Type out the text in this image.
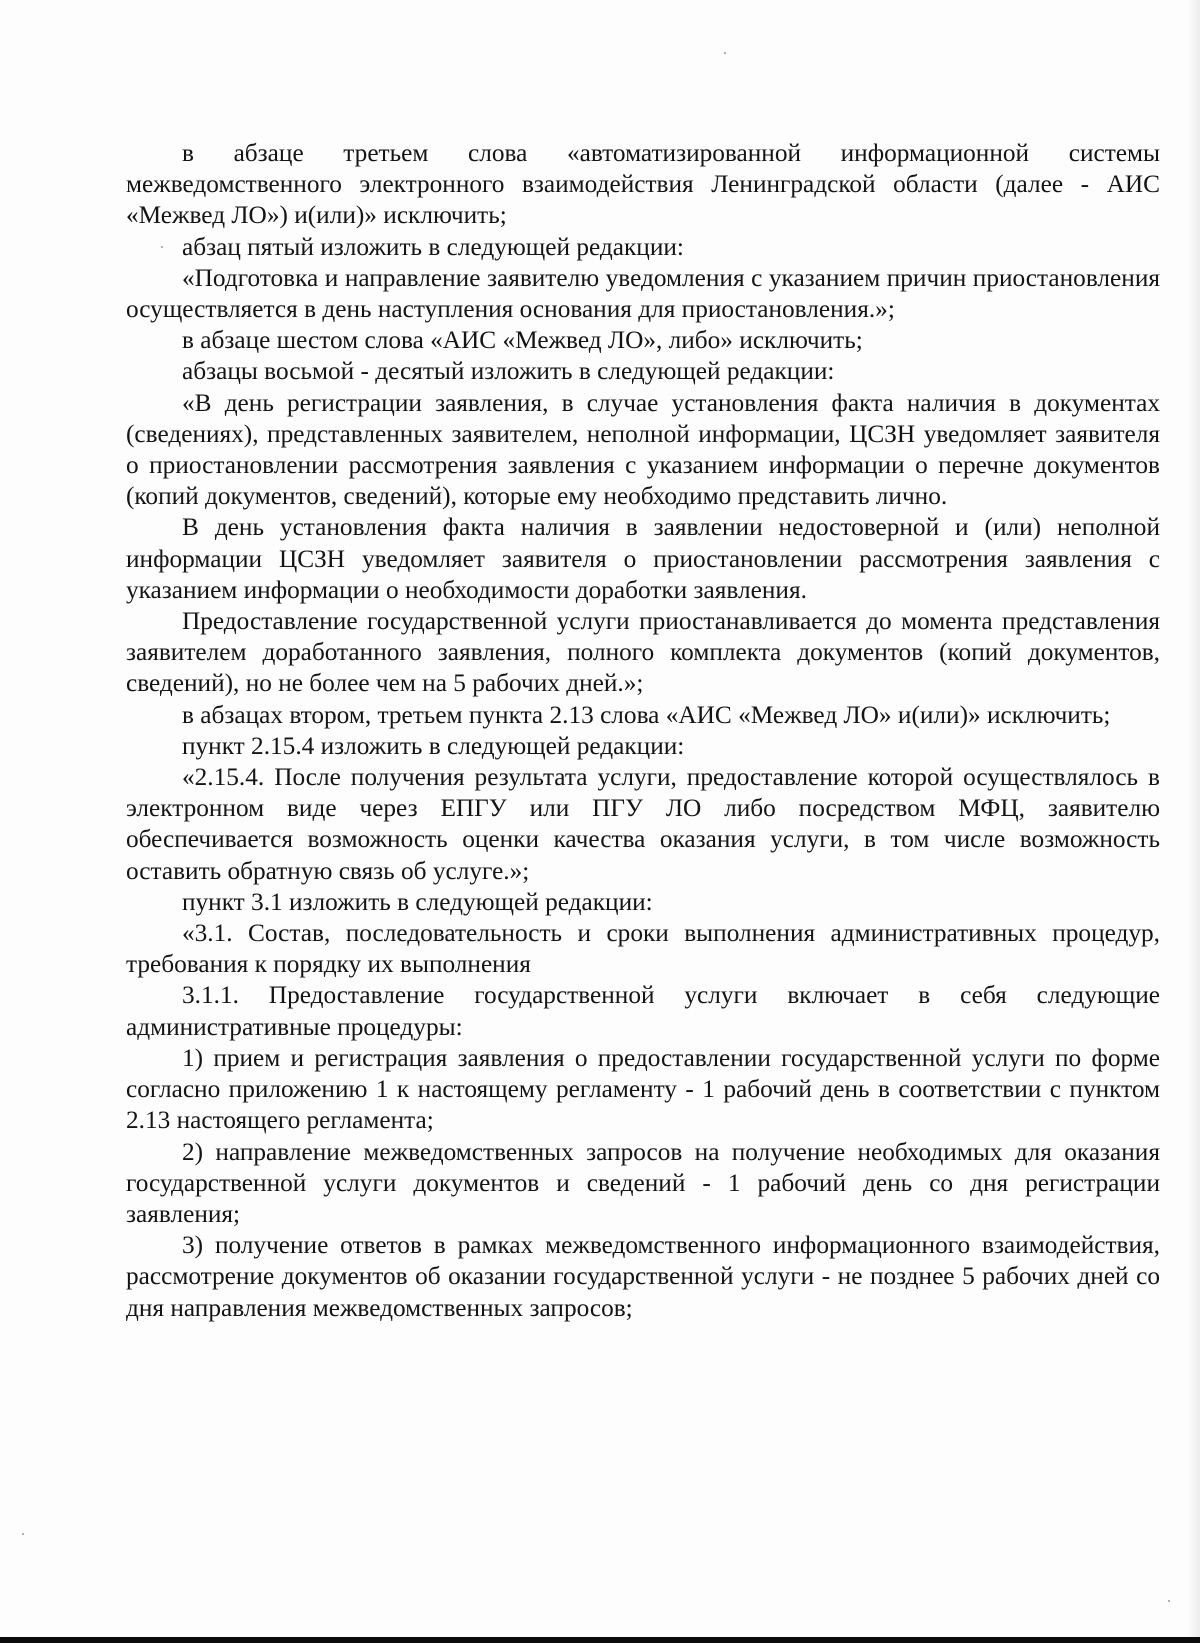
в абзаце третьем слова «автоматизированной информационной системы межведомственного электронного взаимодействия Ленинградской области (далее - АИС «Межвед ЛО») и(или)» исключить;

абзац пятый изложить в следующей редакции:

«Подготовка и направление заявителю уведомления с указанием причин приостановления осуществляется в день наступления основания для приостановления.»;

в абзаце шестом слова «АИС «Межвед ЛО», либо» исключить;

абзацы восьмой - десятый изложить в следующей редакции:

«В день регистрации заявления, в случае установления факта наличия в документах (сведениях), представленных заявителем, неполной информации, ЦСЗН уведомляет заявителя о приостановлении рассмотрения заявления с указанием информации о перечне документов (копий документов, сведений), которые ему необходимо представить лично.

В день установления факта наличия в заявлении недостоверной и (или) неполной информации ЦСЗН уведомляет заявителя о приостановлении рассмотрения заявления с указанием информации о необходимости доработки заявления.

Предоставление государственной услуги приостанавливается до момента представления заявителем доработанного заявления, полного комплекта документов (копий документов, сведений), но не более чем на 5 рабочих дней.»;

в абзацах втором, третьем пункта 2.13 слова «АИС «Межвед ЛО» и(или)» исключить;

пункт 2.15.4 изложить в следующей редакции:

«2.15.4. После получения результата услуги, предоставление которой осуществлялось в электронном виде через ЕПГУ или ПГУ ЛО либо посредством МФЦ, заявителю обеспечивается возможность оценки качества оказания услуги, в том числе возможность оставить обратную связь об услуге.»;

пункт 3.1 изложить в следующей редакции:

«3.1. Состав, последовательность и сроки выполнения административных процедур, требования к порядку их выполнения

3.1.1. Предоставление государственной услуги включает в себя следующие административные процедуры:

1) прием и регистрация заявления о предоставлении государственной услуги по форме согласно приложению 1 к настоящему регламенту - 1 рабочий день в соответствии с пунктом 2.13 настоящего регламента;

2) направление межведомственных запросов на получение необходимых для оказания государственной услуги документов и сведений - 1 рабочий день со дня регистрации заявления;

3) получение ответов в рамках межведомственного информационного взаимодействия, рассмотрение документов об оказании государственной услуги - не позднее 5 рабочих дней со дня направления межведомственных запросов;
